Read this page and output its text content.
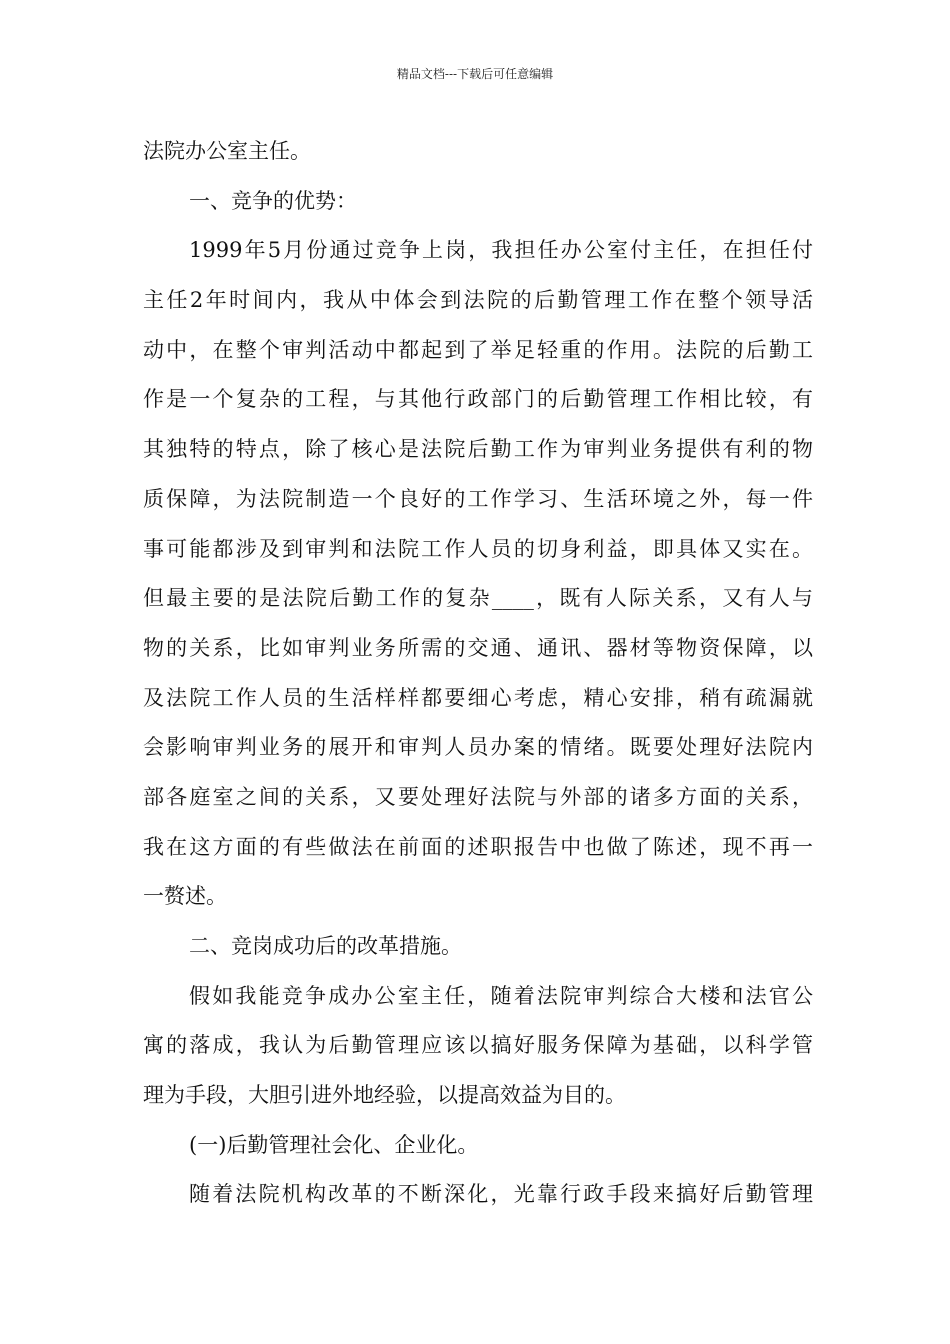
精品文档---下载后可任意编辑
法院办公室主任。
一、竞争的优势：
1999年5月份通过竞争上岗，我担任办公室付主任，在担任付
主任2年时间内，我从中体会到法院的后勤管理工作在整个领导活
动中，在整个审判活动中都起到了举足轻重的作用。法院的后勤工
作是一个复杂的工程，与其他行政部门的后勤管理工作相比较，有
其独特的特点，除了核心是法院后勤工作为审判业务提供有利的物
质保障，为法院制造一个良好的工作学习、生活环境之外，每一件
事可能都涉及到审判和法院工作人员的切身利益，即具体又实在。
但最主要的是法院后勤工作的复杂____，既有人际关系，又有人与
物的关系，比如审判业务所需的交通、通讯、器材等物资保障，以
及法院工作人员的生活样样都要细心考虑，精心安排，稍有疏漏就
会影响审判业务的展开和审判人员办案的情绪。既要处理好法院内
部各庭室之间的关系，又要处理好法院与外部的诸多方面的关系，
我在这方面的有些做法在前面的述职报告中也做了陈述，现不再一
一赘述。
二、竞岗成功后的改革措施。
假如我能竞争成办公室主任，随着法院审判综合大楼和法官公
寓的落成，我认为后勤管理应该以搞好服务保障为基础，以科学管
理为手段，大胆引进外地经验，以提高效益为目的。
(一)后勤管理社会化、企业化。
随着法院机构改革的不断深化，光靠行政手段来搞好后勤管理
